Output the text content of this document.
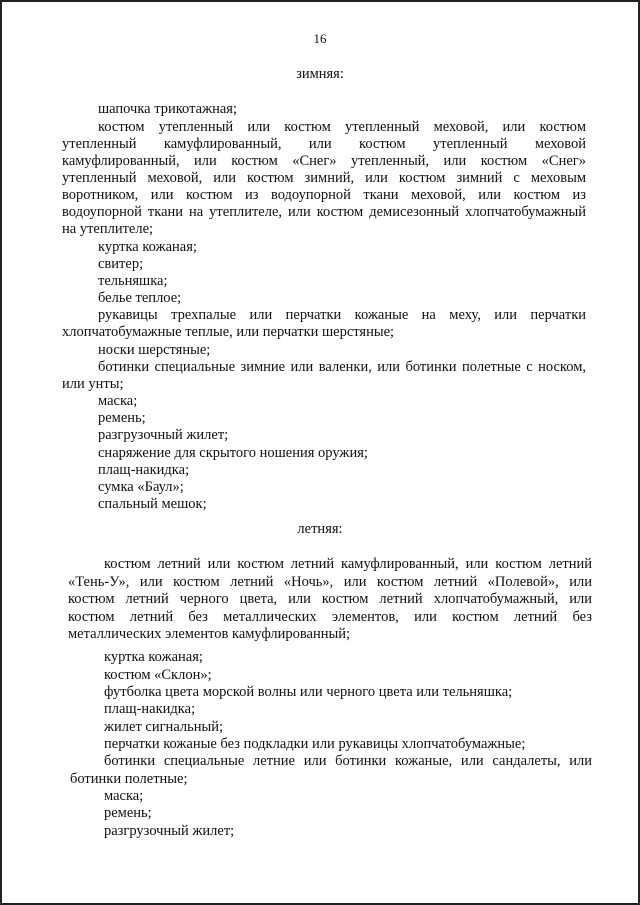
16
зимняя:
шапочка трикотажная;
костюм утепленный или костюм утепленный меховой, или костюм
утепленный камуфлированный, или костюм утепленный меховой
камуфлированный, или костюм «Снег» утепленный, или костюм «Снег»
утепленный меховой, или костюм зимний, или костюм зимний с меховым
воротником, или костюм из водоупорной ткани меховой, или костюм из
водоупорной ткани на утеплителе, или костюм демисезонный хлопчатобумажный
на утеплителе;
куртка кожаная;
свитер;
тельняшка;
белье теплое;
рукавицы трехпалые или перчатки кожаные на меху, или перчатки
хлопчатобумажные теплые, или перчатки шерстяные;
носки шерстяные;
ботинки специальные зимние или валенки, или ботинки полетные с носком,
или унты;
маска;
ремень;
разгрузочный жилет;
снаряжение для скрытого ношения оружия;
плащ-накидка;
сумка «Баул»;
спальный мешок;
летняя:
костюм летний или костюм летний камуфлированный, или костюм летний
«Тень-У», или костюм летний «Ночь», или костюм летний «Полевой», или
костюм летний черного цвета, или костюм летний хлопчатобумажный, или
костюм летний без металлических элементов, или костюм летний без
металлических элементов камуфлированный;
куртка кожаная;
костюм «Склон»;
футболка цвета морской волны или черного цвета или тельняшка;
плащ-накидка;
жилет сигнальный;
перчатки кожаные без подкладки или рукавицы хлопчатобумажные;
ботинки специальные летние или ботинки кожаные, или сандалеты, или
ботинки полетные;
маска;
ремень;
разгрузочный жилет;
